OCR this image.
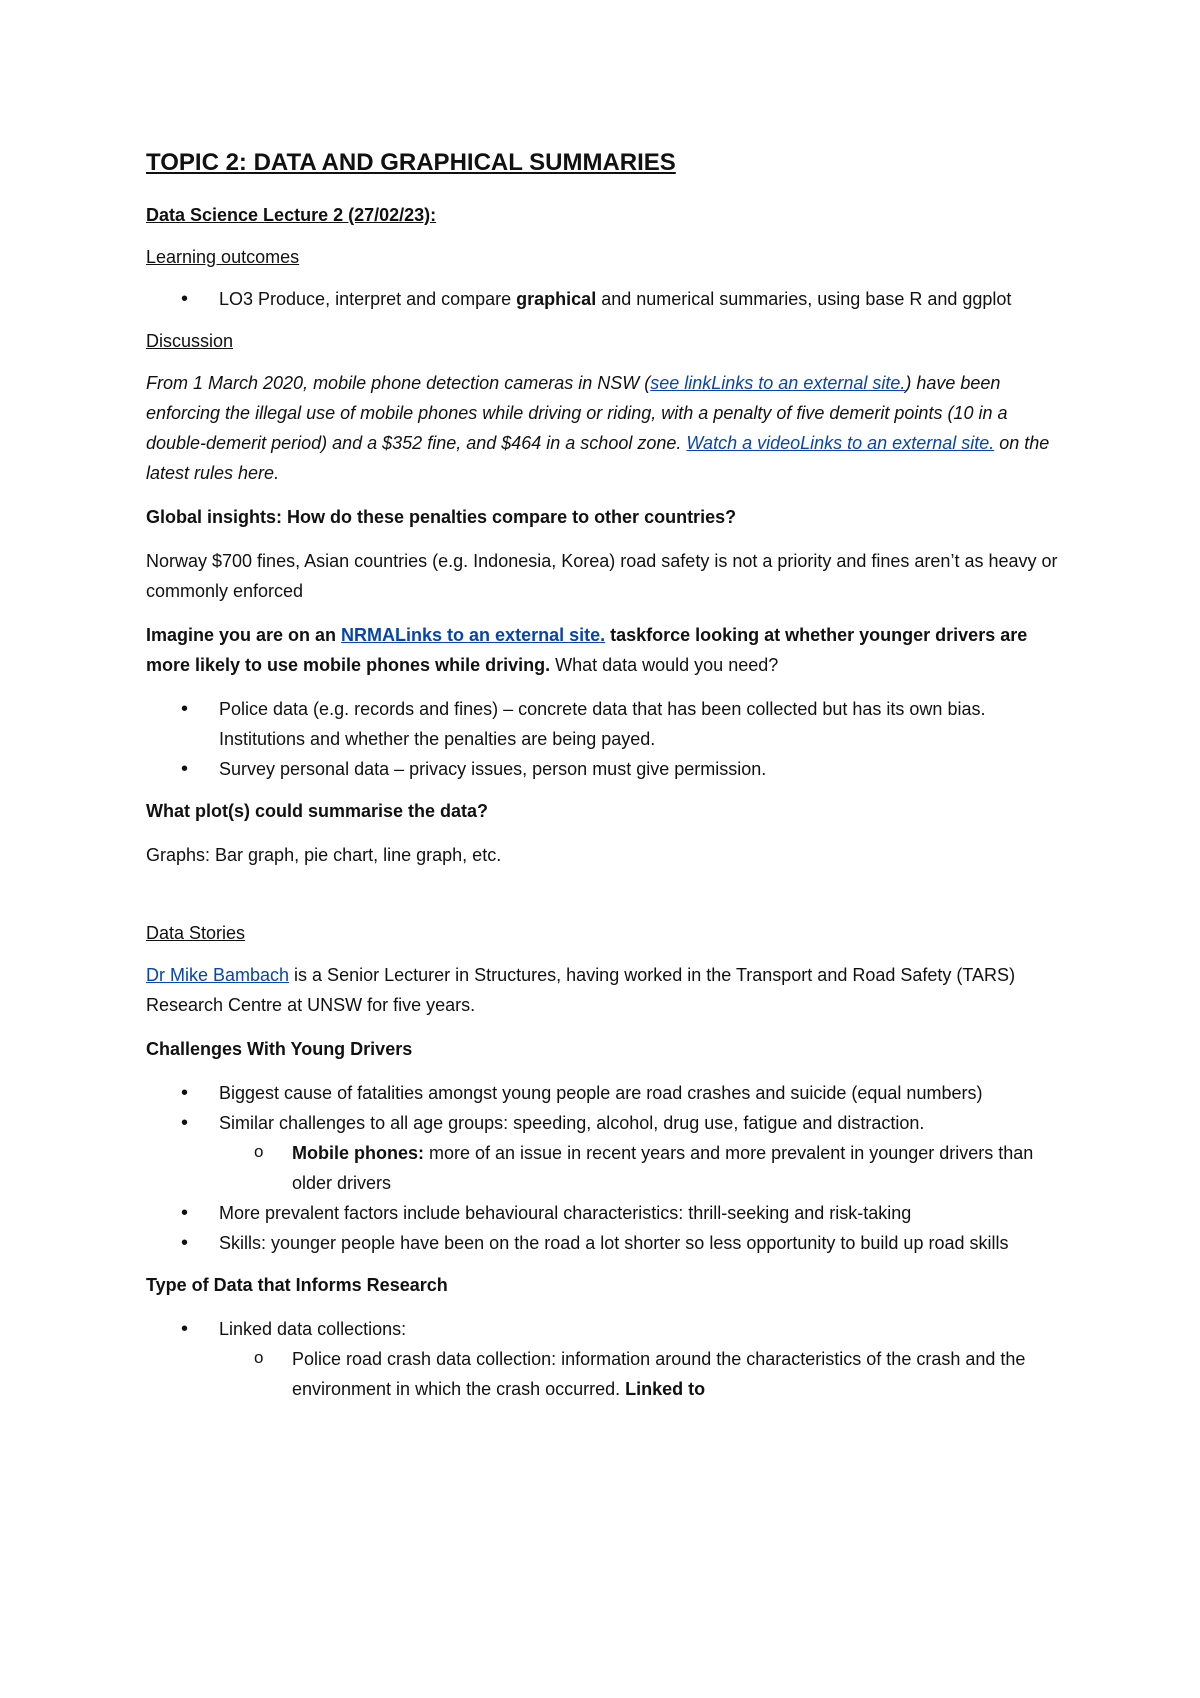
TOPIC 2: DATA AND GRAPHICAL SUMMARIES
Data Science Lecture 2 (27/02/23):
Learning outcomes
• LO3 Produce, interpret and compare graphical and numerical summaries, using base R and ggplot
Discussion

From 1 March 2020, mobile phone detection cameras in NSW (see linkLinks to an external site.) have been enforcing the illegal use of mobile phones while driving or riding, with a penalty of five demerit points (10 in a double-demerit period) and a $352 fine, and $464 in a school zone. Watch a videoLinks to an external site. on the latest rules here.

Global insights: How do these penalties compare to other countries?

Norway $700 fines, Asian countries (e.g. Indonesia, Korea) road safety is not a priority and fines aren’t as heavy or commonly enforced

Imagine you are on an NRMALinks to an external site. taskforce looking at whether younger drivers are more likely to use mobile phones while driving. What data would you need?

• Police data (e.g. records and fines) – concrete data that has been collected but has its own bias. Institutions and whether the penalties are being payed.
• Survey personal data – privacy issues, person must give permission.

What plot(s) could summarise the data?

Graphs: Bar graph, pie chart, line graph, etc.

Data Stories

Dr Mike Bambach is a Senior Lecturer in Structures, having worked in the Transport and Road Safety (TARS) Research Centre at UNSW for five years.

Challenges With Young Drivers

• Biggest cause of fatalities amongst young people are road crashes and suicide (equal numbers)
• Similar challenges to all age groups: speeding, alcohol, drug use, fatigue and distraction.
o Mobile phones: more of an issue in recent years and more prevalent in younger drivers than older drivers
• More prevalent factors include behavioural characteristics: thrill-seeking and risk-taking
• Skills: younger people have been on the road a lot shorter so less opportunity to build up road skills

Type of Data that Informs Research

• Linked data collections:
o Police road crash data collection: information around the characteristics of the crash and the environment in which the crash occurred. Linked to
